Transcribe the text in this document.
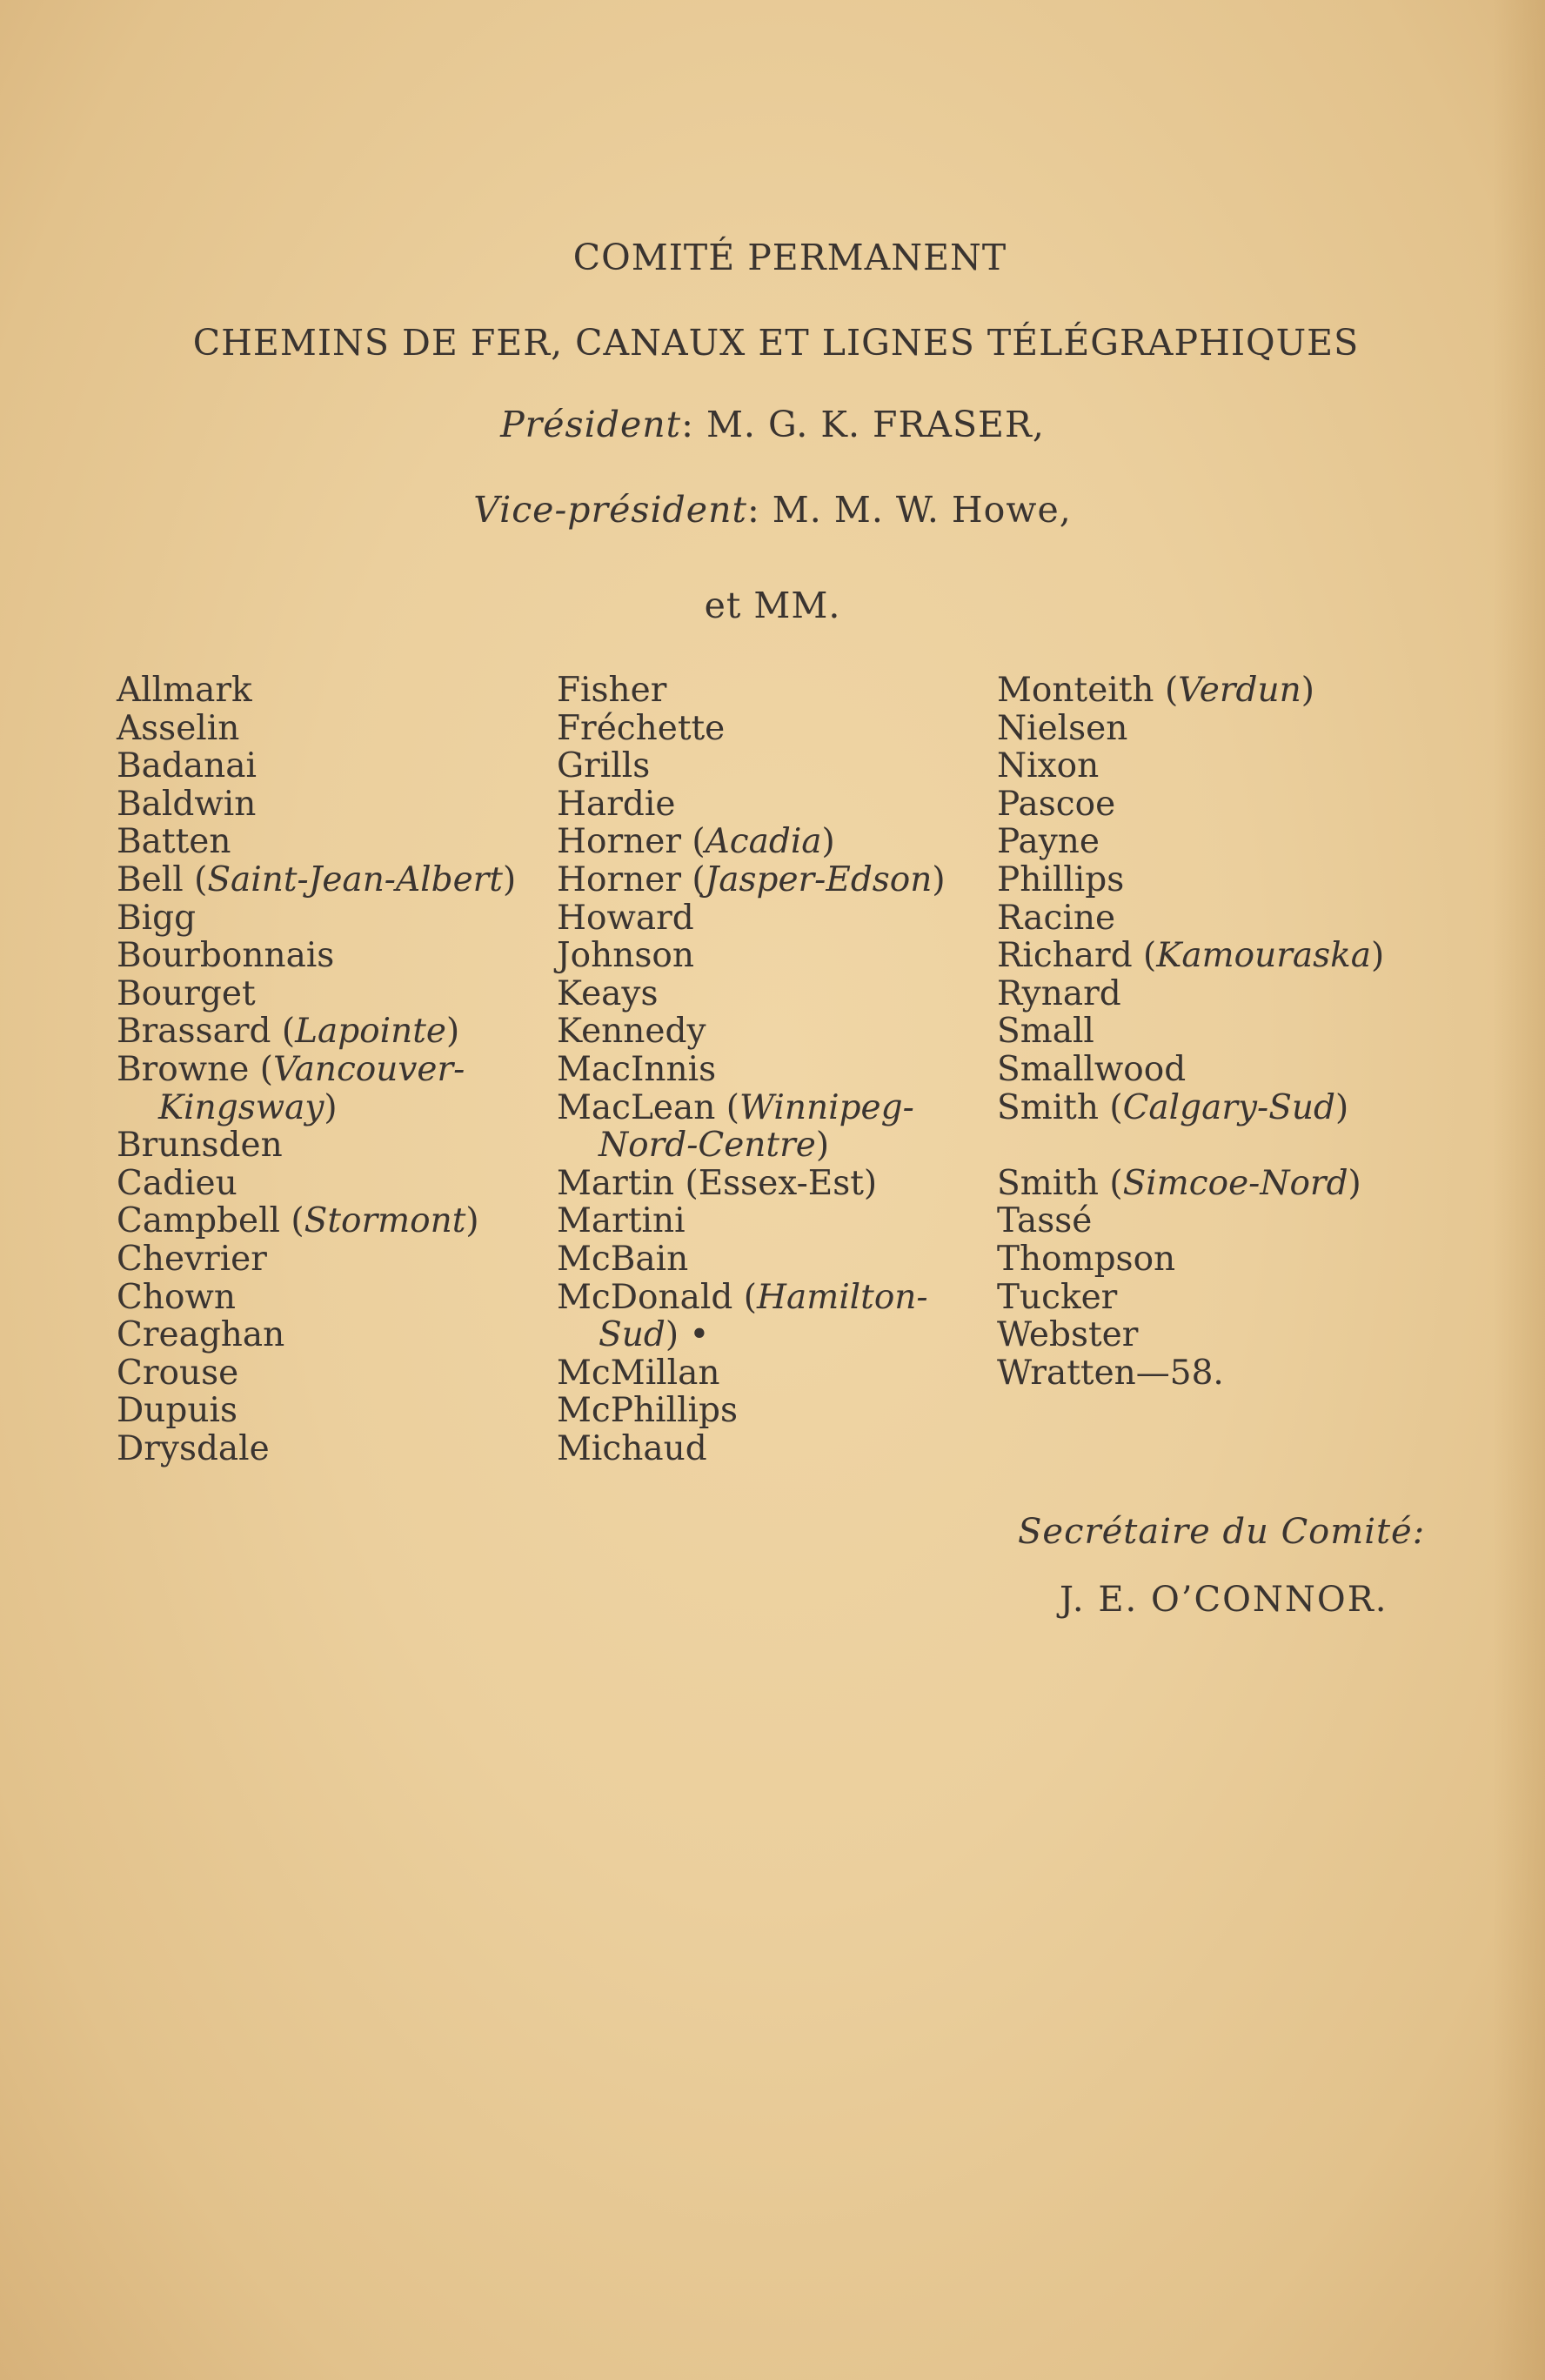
COMITÉ PERMANENT
CHEMINS DE FER, CANAUX ET LIGNES TÉLÉGRAPHIQUES
Président: M. G. K. FRASER,
Vice-président: M. M. W. Howe,
et MM.
Allmark
Asselin
Badanai
Baldwin
Batten
Bell (Saint-Jean-Albert)
Bigg
Bourbonnais
Bourget
Brassard (Lapointe)
Browne (Vancouver-
Kingsway)
Brunsden
Cadieu
Campbell (Stormont)
Chevrier
Chown
Creaghan
Crouse
Dupuis
Drysdale
Fisher
Fréchette
Grills
Hardie
Horner (Acadia)
Horner (Jasper-Edson)
Howard
Johnson
Keays
Kennedy
MacInnis
MacLean (Winnipeg-
Nord-Centre)
Martin (Essex-Est)
Martini
McBain
McDonald (Hamilton-
Sud) •
McMillan
McPhillips
Michaud
Monteith (Verdun)
Nielsen
Nixon
Pascoe
Payne
Phillips
Racine
Richard (Kamouraska)
Rynard
Small
Smallwood
Smith (Calgary-Sud)
Smith (Simcoe-Nord)
Tassé
Thompson
Tucker
Webster
Wratten—58.
Secrétaire du Comité:
J. E. O’CONNOR.
